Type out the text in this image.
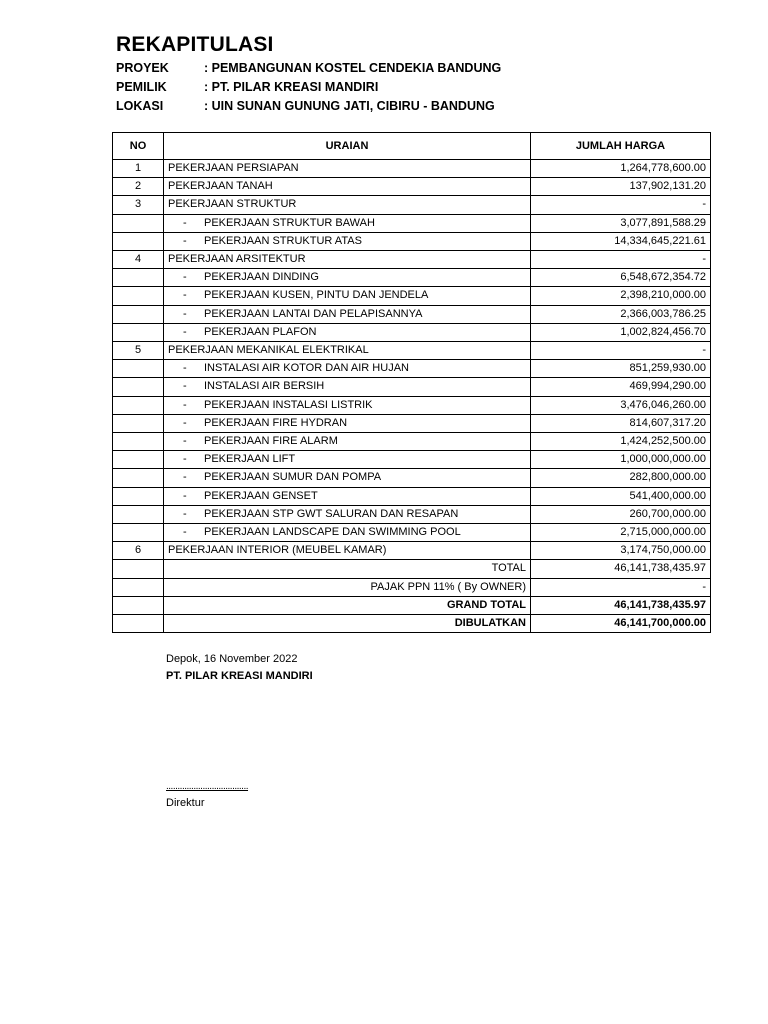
REKAPITULASI
PROYEK	: PEMBANGUNAN KOSTEL CENDEKIA BANDUNG
PEMILIK	: PT. PILAR KREASI MANDIRI
LOKASI	: UIN SUNAN GUNUNG JATI, CIBIRU - BANDUNG
NO	URAIAN	JUMLAH HARGA
1	PEKERJAAN PERSIAPAN	1,264,778,600.00
2	PEKERJAAN TANAH	137,902,131.20
3	PEKERJAAN STRUKTUR	-
	- PEKERJAAN STRUKTUR BAWAH	3,077,891,588.29
	- PEKERJAAN STRUKTUR ATAS	14,334,645,221.61
4	PEKERJAAN ARSITEKTUR	-
	- PEKERJAAN DINDING	6,548,672,354.72
	- PEKERJAAN KUSEN, PINTU DAN JENDELA	2,398,210,000.00
	- PEKERJAAN LANTAI DAN PELAPISANNYA	2,366,003,786.25
	- PEKERJAAN PLAFON	1,002,824,456.70
5	PEKERJAAN MEKANIKAL ELEKTRIKAL	-
	- INSTALASI AIR KOTOR DAN AIR HUJAN	851,259,930.00
	- INSTALASI AIR BERSIH	469,994,290.00
	- PEKERJAAN INSTALASI LISTRIK	3,476,046,260.00
	- PEKERJAAN FIRE HYDRAN	814,607,317.20
	- PEKERJAAN FIRE ALARM	1,424,252,500.00
	- PEKERJAAN LIFT	1,000,000,000.00
	- PEKERJAAN SUMUR DAN POMPA	282,800,000.00
	- PEKERJAAN GENSET	541,400,000.00
	- PEKERJAAN STP GWT SALURAN DAN RESAPAN	260,700,000.00
	- PEKERJAAN LANDSCAPE DAN SWIMMING POOL	2,715,000,000.00
6	PEKERJAAN INTERIOR (MEUBEL KAMAR)	3,174,750,000.00
	TOTAL	46,141,738,435.97
	PAJAK PPN 11% ( By OWNER)	-
	GRAND TOTAL	46,141,738,435.97
	DIBULATKAN	46,141,700,000.00
Depok, 16 November 2022
PT. PILAR KREASI MANDIRI
....................................
Direktur
